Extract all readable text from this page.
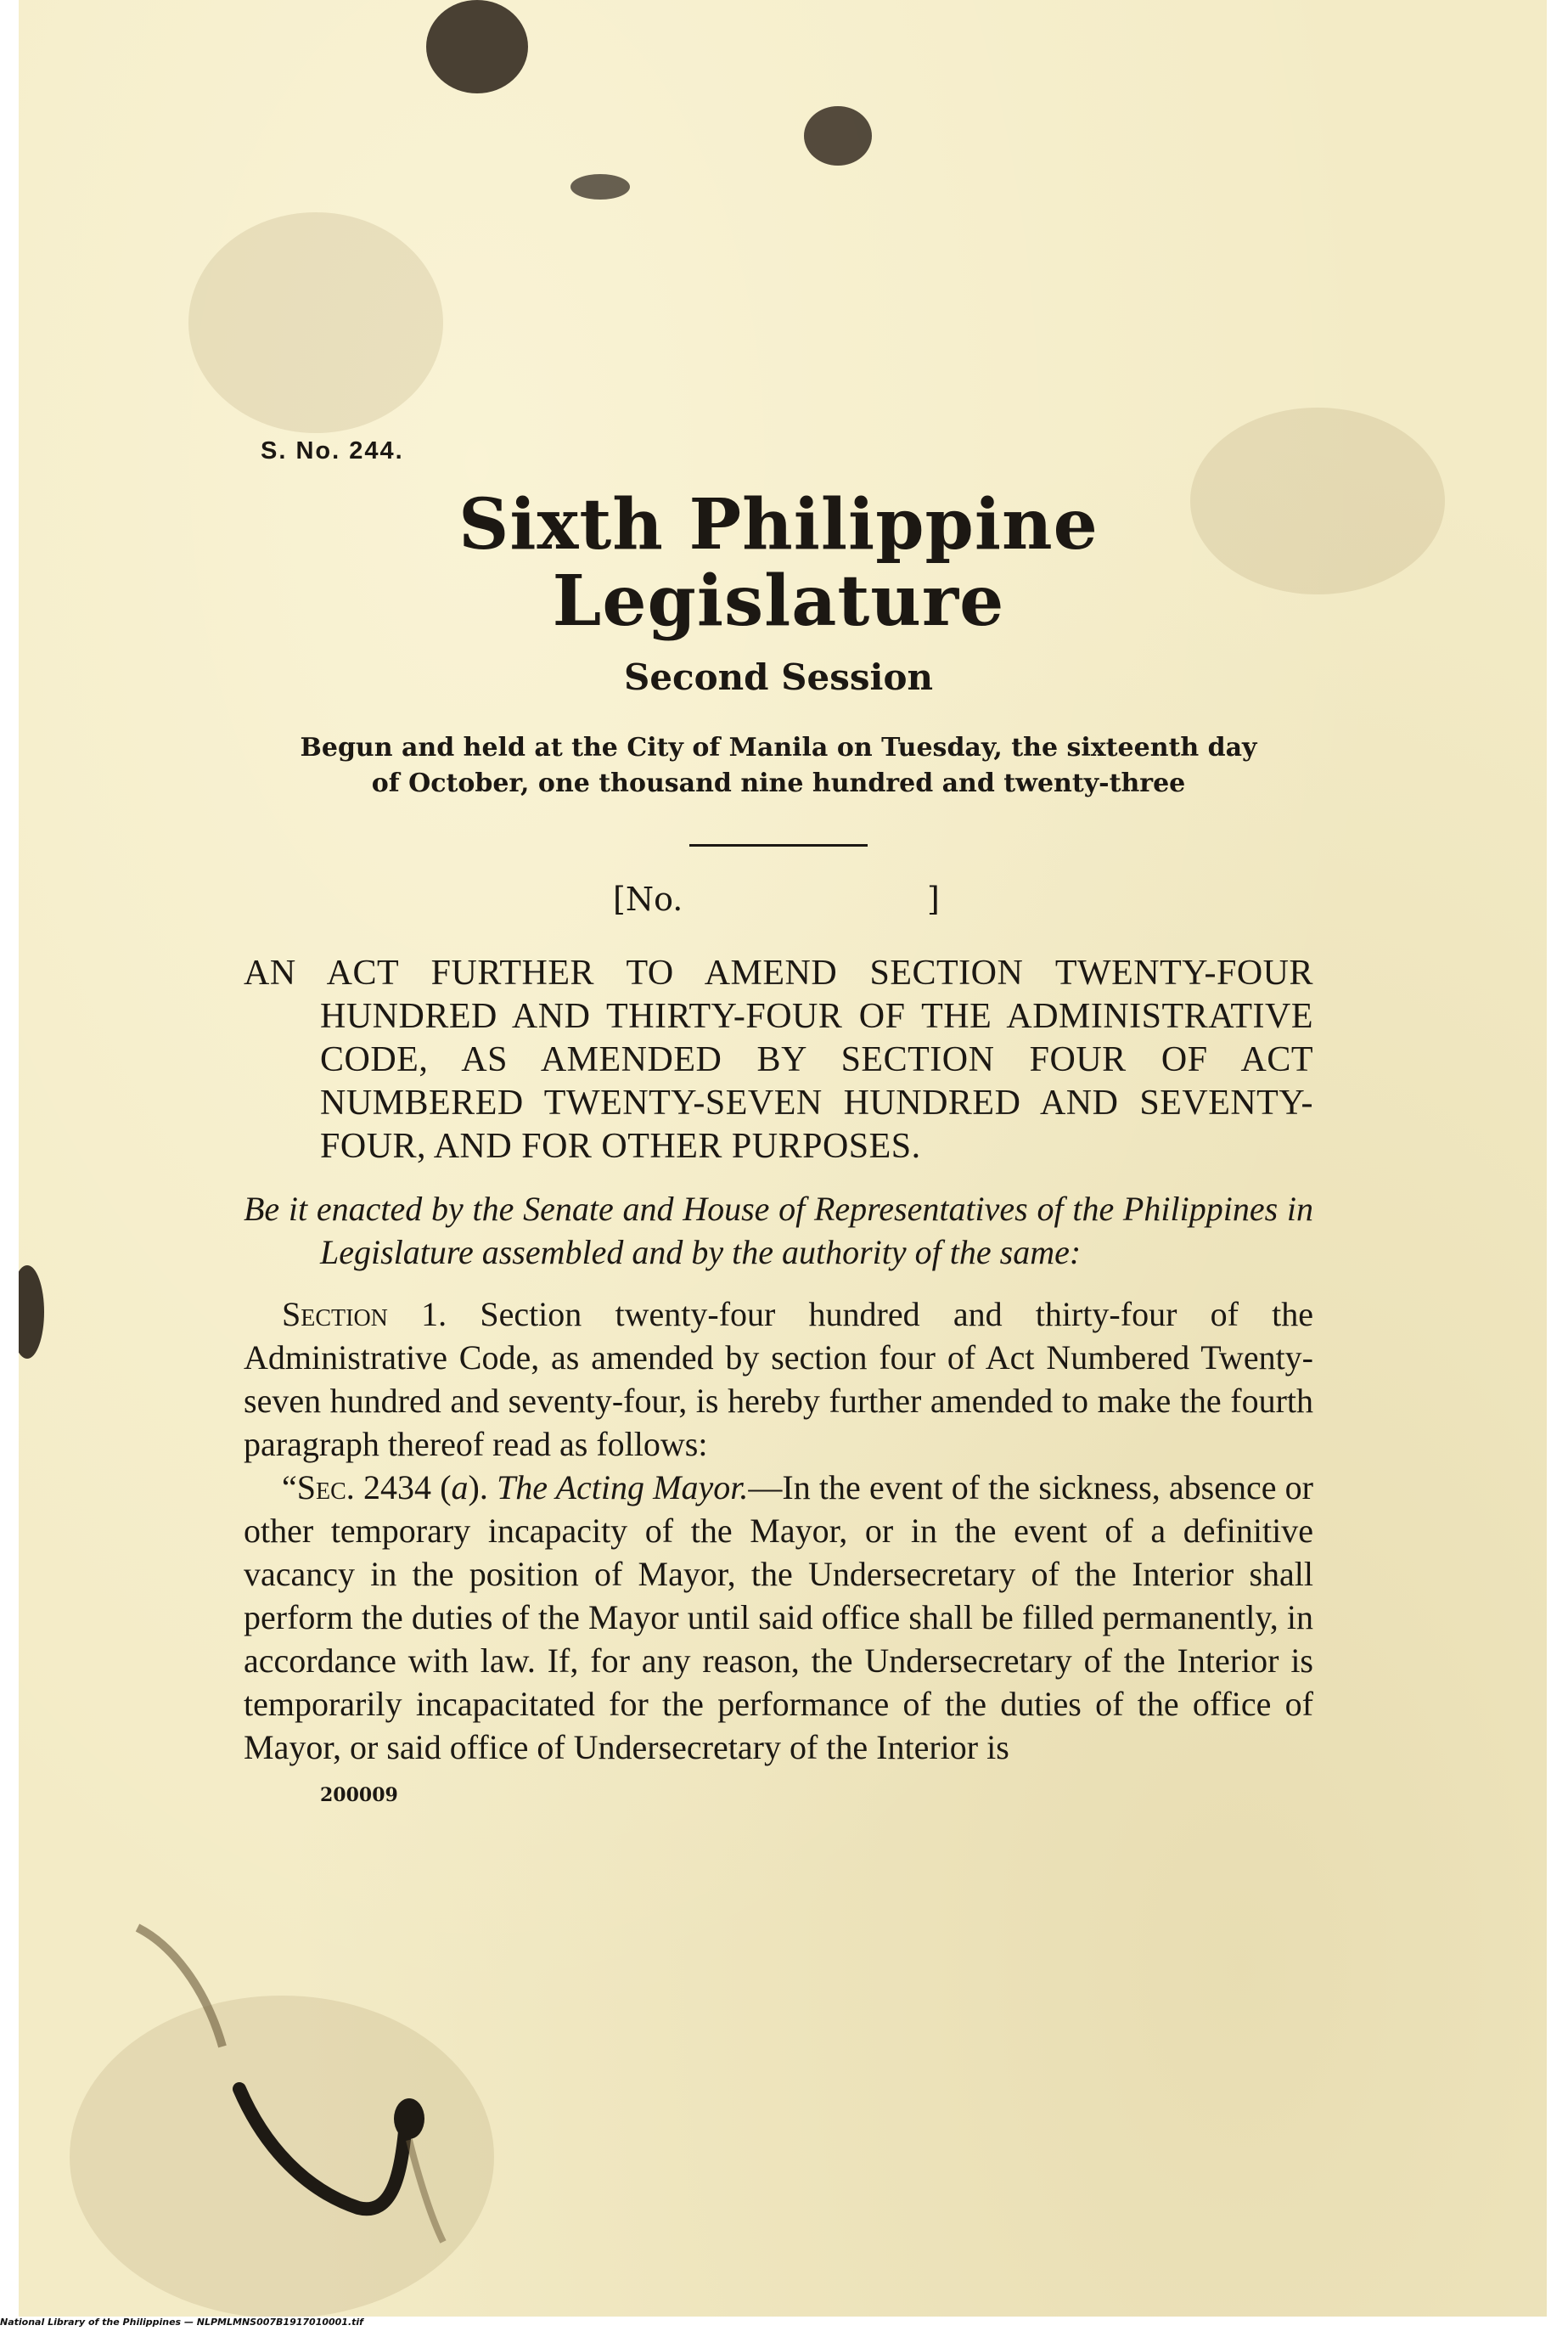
S. No. 244.
Sixth Philippine Legislature
Second Session

Begun and held at the City of Manila on Tuesday, the sixteenth day

of October, one thousand nine hundred and twenty-three

[No.	]

AN ACT FURTHER TO AMEND SECTION TWENTY-FOUR HUNDRED AND THIRTY-FOUR OF THE ADMINISTRATIVE CODE, AS AMENDED BY SECTION FOUR OF ACT NUMBERED TWENTY-SEVEN HUNDRED AND SEVENTY-FOUR, AND FOR OTHER PURPOSES.

Be it enacted by the Senate and House of Representatives of the Philippines in Legislature assembled and by the authority of the same:

Section 1. Section twenty-four hundred and thirty-four of the Administrative Code, as amended by section four of Act Numbered Twenty-seven hundred and seventy-four, is hereby further amended to make the fourth paragraph thereof read as follows:

“Sec. 2434 (a). The Acting Mayor.—In the event of the sickness, absence or other temporary incapacity of the Mayor, or in the event of a definitive vacancy in the position of Mayor, the Undersecretary of the Interior shall perform the duties of the Mayor until said office shall be filled permanently, in accordance with law. If, for any reason, the Undersecretary of the Interior is temporarily incapacitated for the performance of the duties of the office of Mayor, or said office of Undersecretary of the Interior is

200009
National Library of the Philippines — NLPMLMNS007B1917010001.tif
